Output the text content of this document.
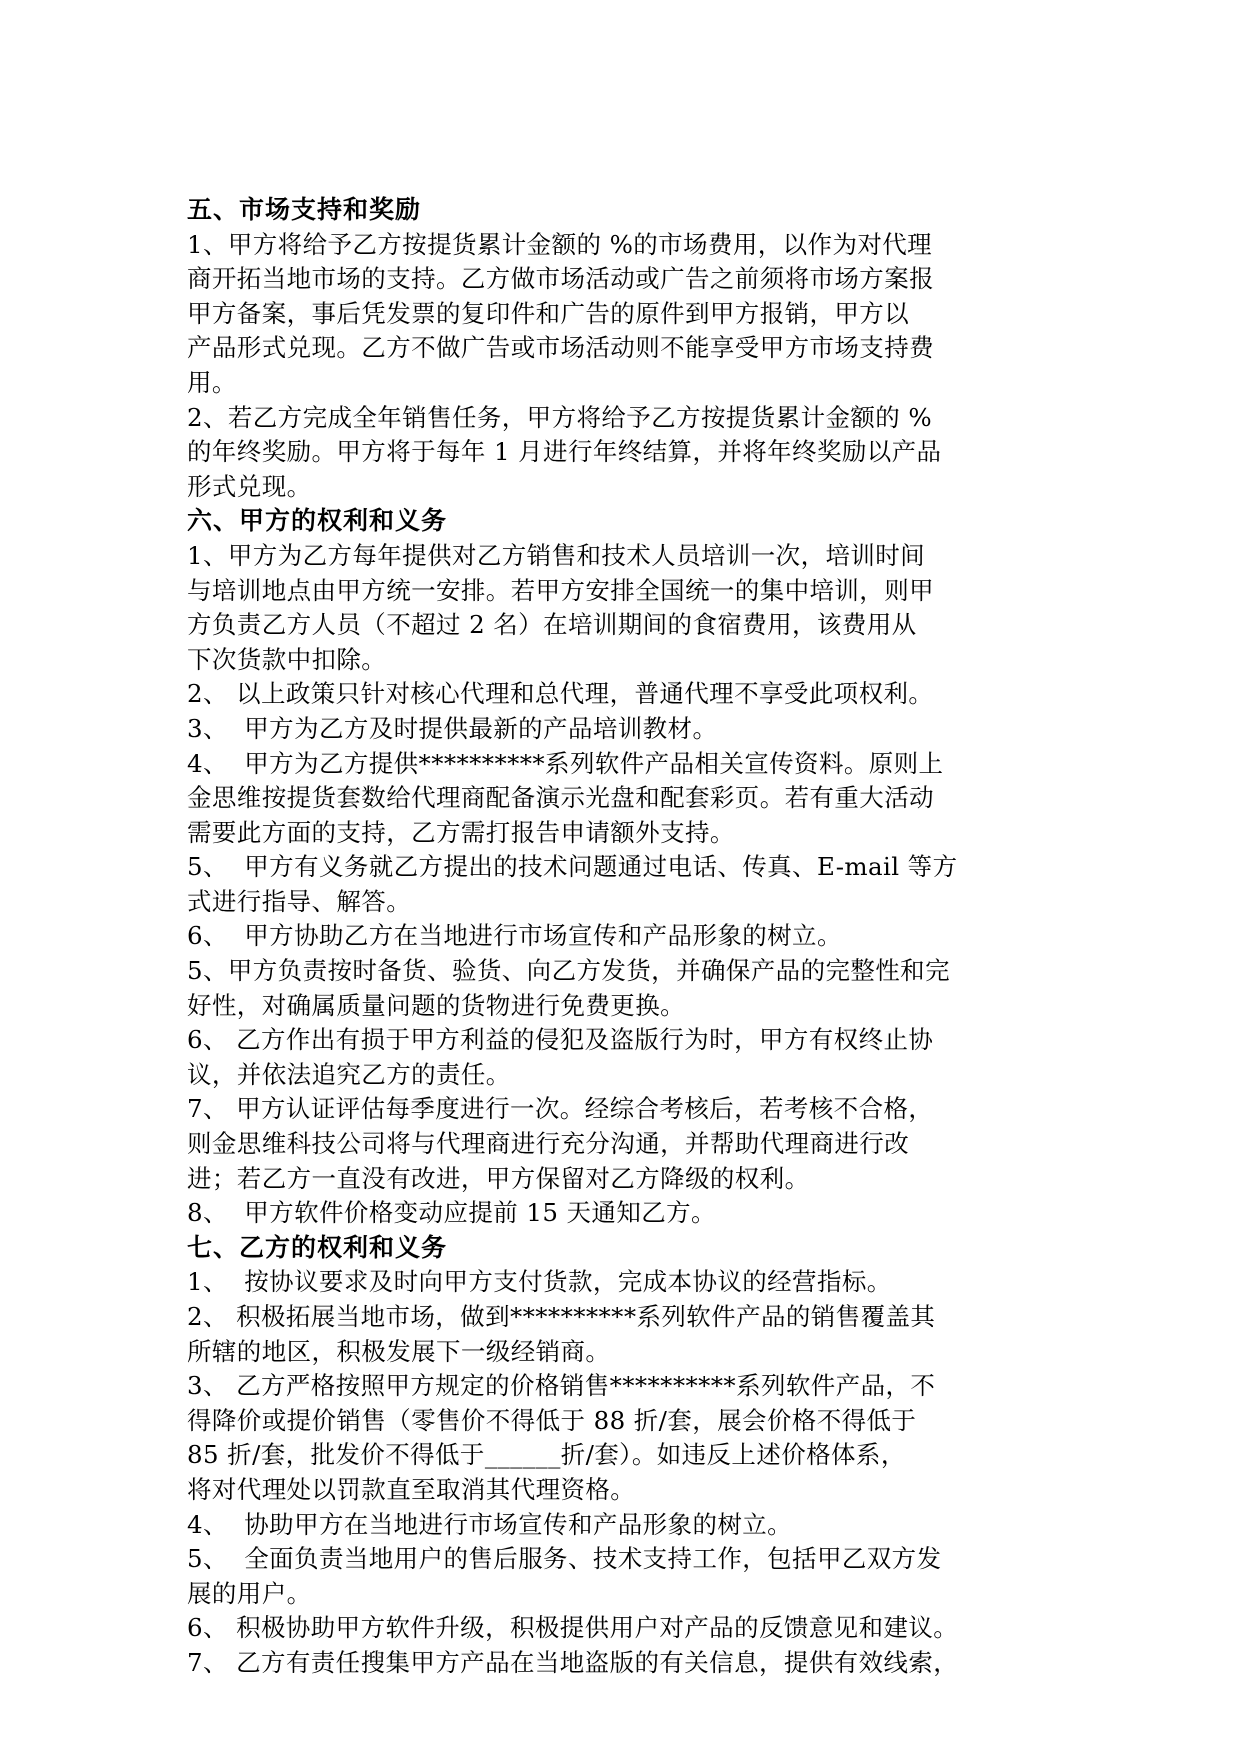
五、市场支持和奖励
1、甲方将给予乙方按提货累计金额的 %的市场费用，以作为对代理
商开拓当地市场的支持。乙方做市场活动或广告之前须将市场方案报
甲方备案，事后凭发票的复印件和广告的原件到甲方报销，甲方以
产品形式兑现。乙方不做广告或市场活动则不能享受甲方市场支持费
用。
2、若乙方完成全年销售任务，甲方将给予乙方按提货累计金额的 %
的年终奖励。甲方将于每年 1 月进行年终结算，并将年终奖励以产品
形式兑现。
六、甲方的权利和义务
1、甲方为乙方每年提供对乙方销售和技术人员培训一次，培训时间
与培训地点由甲方统一安排。若甲方安排全国统一的集中培训，则甲
方负责乙方人员（不超过 2 名）在培训期间的食宿费用，该费用从
下次货款中扣除。
2、 以上政策只针对核心代理和总代理，普通代理不享受此项权利。
3、  甲方为乙方及时提供最新的产品培训教材。
4、  甲方为乙方提供**********系列软件产品相关宣传资料。原则上
金思维按提货套数给代理商配备演示光盘和配套彩页。若有重大活动
需要此方面的支持，乙方需打报告申请额外支持。
5、  甲方有义务就乙方提出的技术问题通过电话、传真、E-mail 等方
式进行指导、解答。
6、  甲方协助乙方在当地进行市场宣传和产品形象的树立。
5、甲方负责按时备货、验货、向乙方发货，并确保产品的完整性和完
好性，对确属质量问题的货物进行免费更换。
6、 乙方作出有损于甲方利益的侵犯及盗版行为时，甲方有权终止协
议，并依法追究乙方的责任。
7、 甲方认证评估每季度进行一次。经综合考核后，若考核不合格，
则金思维科技公司将与代理商进行充分沟通，并帮助代理商进行改
进；若乙方一直没有改进，甲方保留对乙方降级的权利。
8、  甲方软件价格变动应提前 15 天通知乙方。
七、乙方的权利和义务
1、  按协议要求及时向甲方支付货款，完成本协议的经营指标。
2、 积极拓展当地市场，做到**********系列软件产品的销售覆盖其
所辖的地区，积极发展下一级经销商。
3、 乙方严格按照甲方规定的价格销售**********系列软件产品，不
得降价或提价销售（零售价不得低于 88 折/套，展会价格不得低于
85 折/套，批发价不得低于______折/套）。如违反上述价格体系，
将对代理处以罚款直至取消其代理资格。
4、  协助甲方在当地进行市场宣传和产品形象的树立。
5、  全面负责当地用户的售后服务、技术支持工作，包括甲乙双方发
展的用户。
6、 积极协助甲方软件升级，积极提供用户对产品的反馈意见和建议。
7、 乙方有责任搜集甲方产品在当地盗版的有关信息，提供有效线索，
